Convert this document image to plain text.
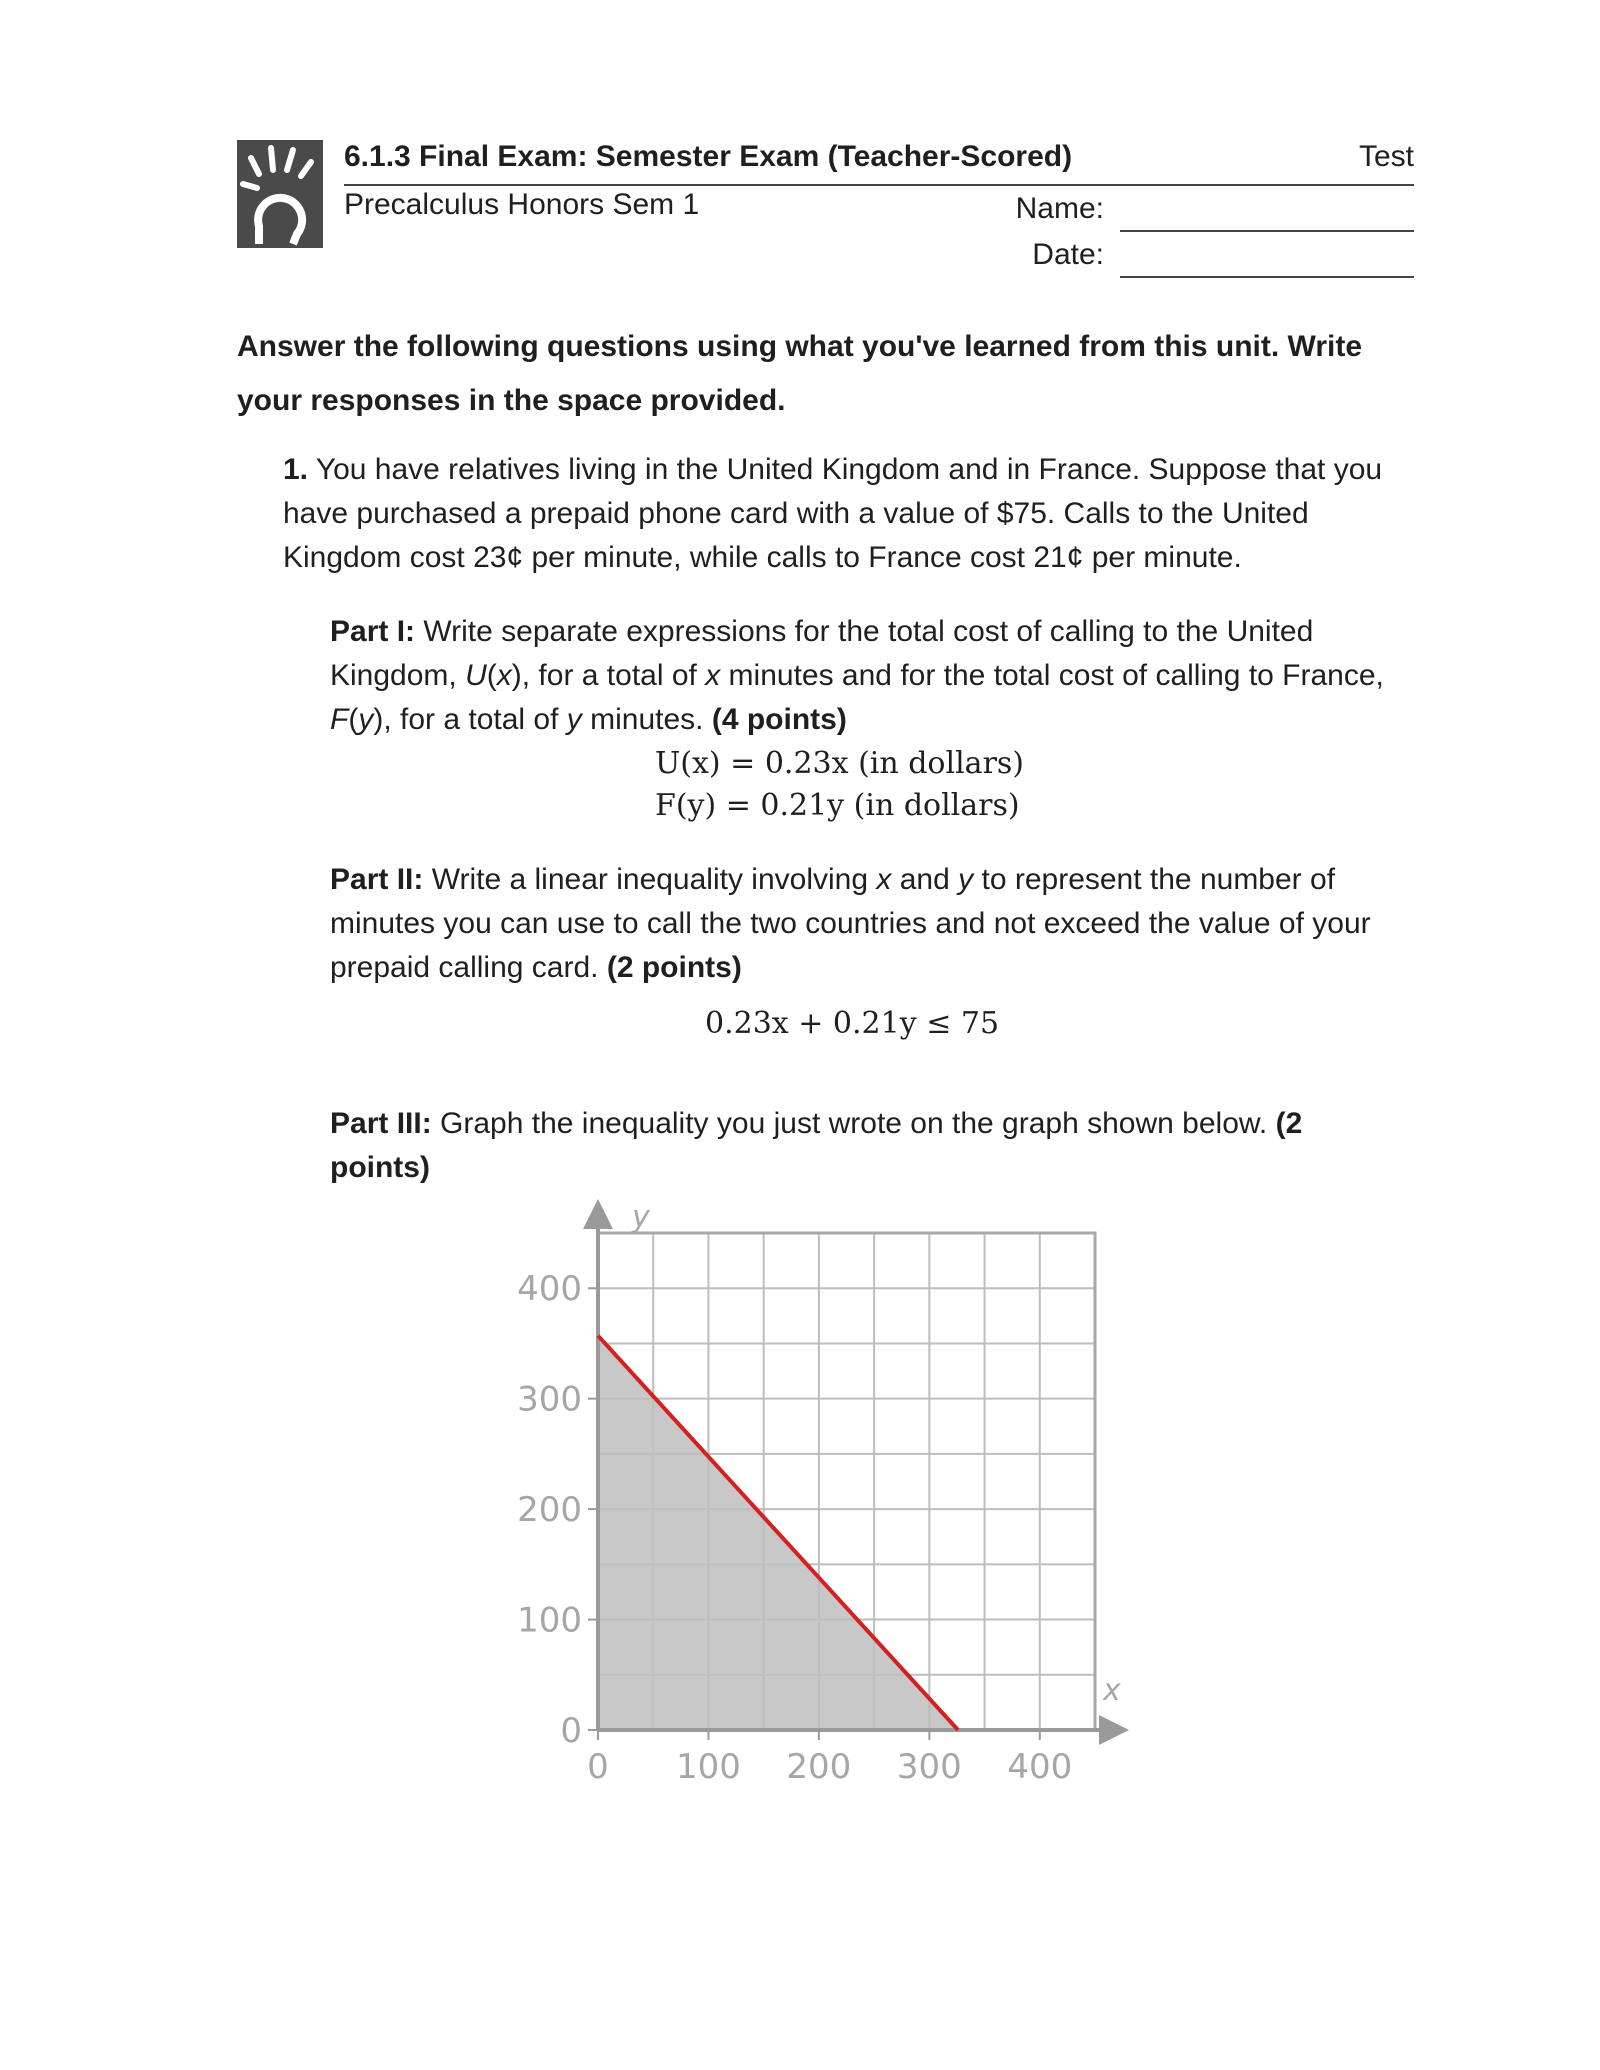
6.1.3 Final Exam: Semester Exam (Teacher-Scored)	Test
Precalculus Honors Sem 1	Name:
Date:
Answer the following questions using what you've learned from this unit. Write your responses in the space provided.
1. You have relatives living in the United Kingdom and in France. Suppose that you have purchased a prepaid phone card with a value of $75. Calls to the United Kingdom cost 23¢ per minute, while calls to France cost 21¢ per minute.
Part I: Write separate expressions for the total cost of calling to the United Kingdom, U(x), for a total of x minutes and for the total cost of calling to France, F(y), for a total of y minutes. (4 points)
U(x) = 0.23x (in dollars)
F(y) = 0.21y (in dollars)
Part II: Write a linear inequality involving x and y to represent the number of minutes you can use to call the two countries and not exceed the value of your prepaid calling card. (2 points)
0.23x + 0.21y ≤ 75
Part III: Graph the inequality you just wrote on the graph shown below. (2 points)
0
100
200
300
400
0 100 200 300 400
y
x
